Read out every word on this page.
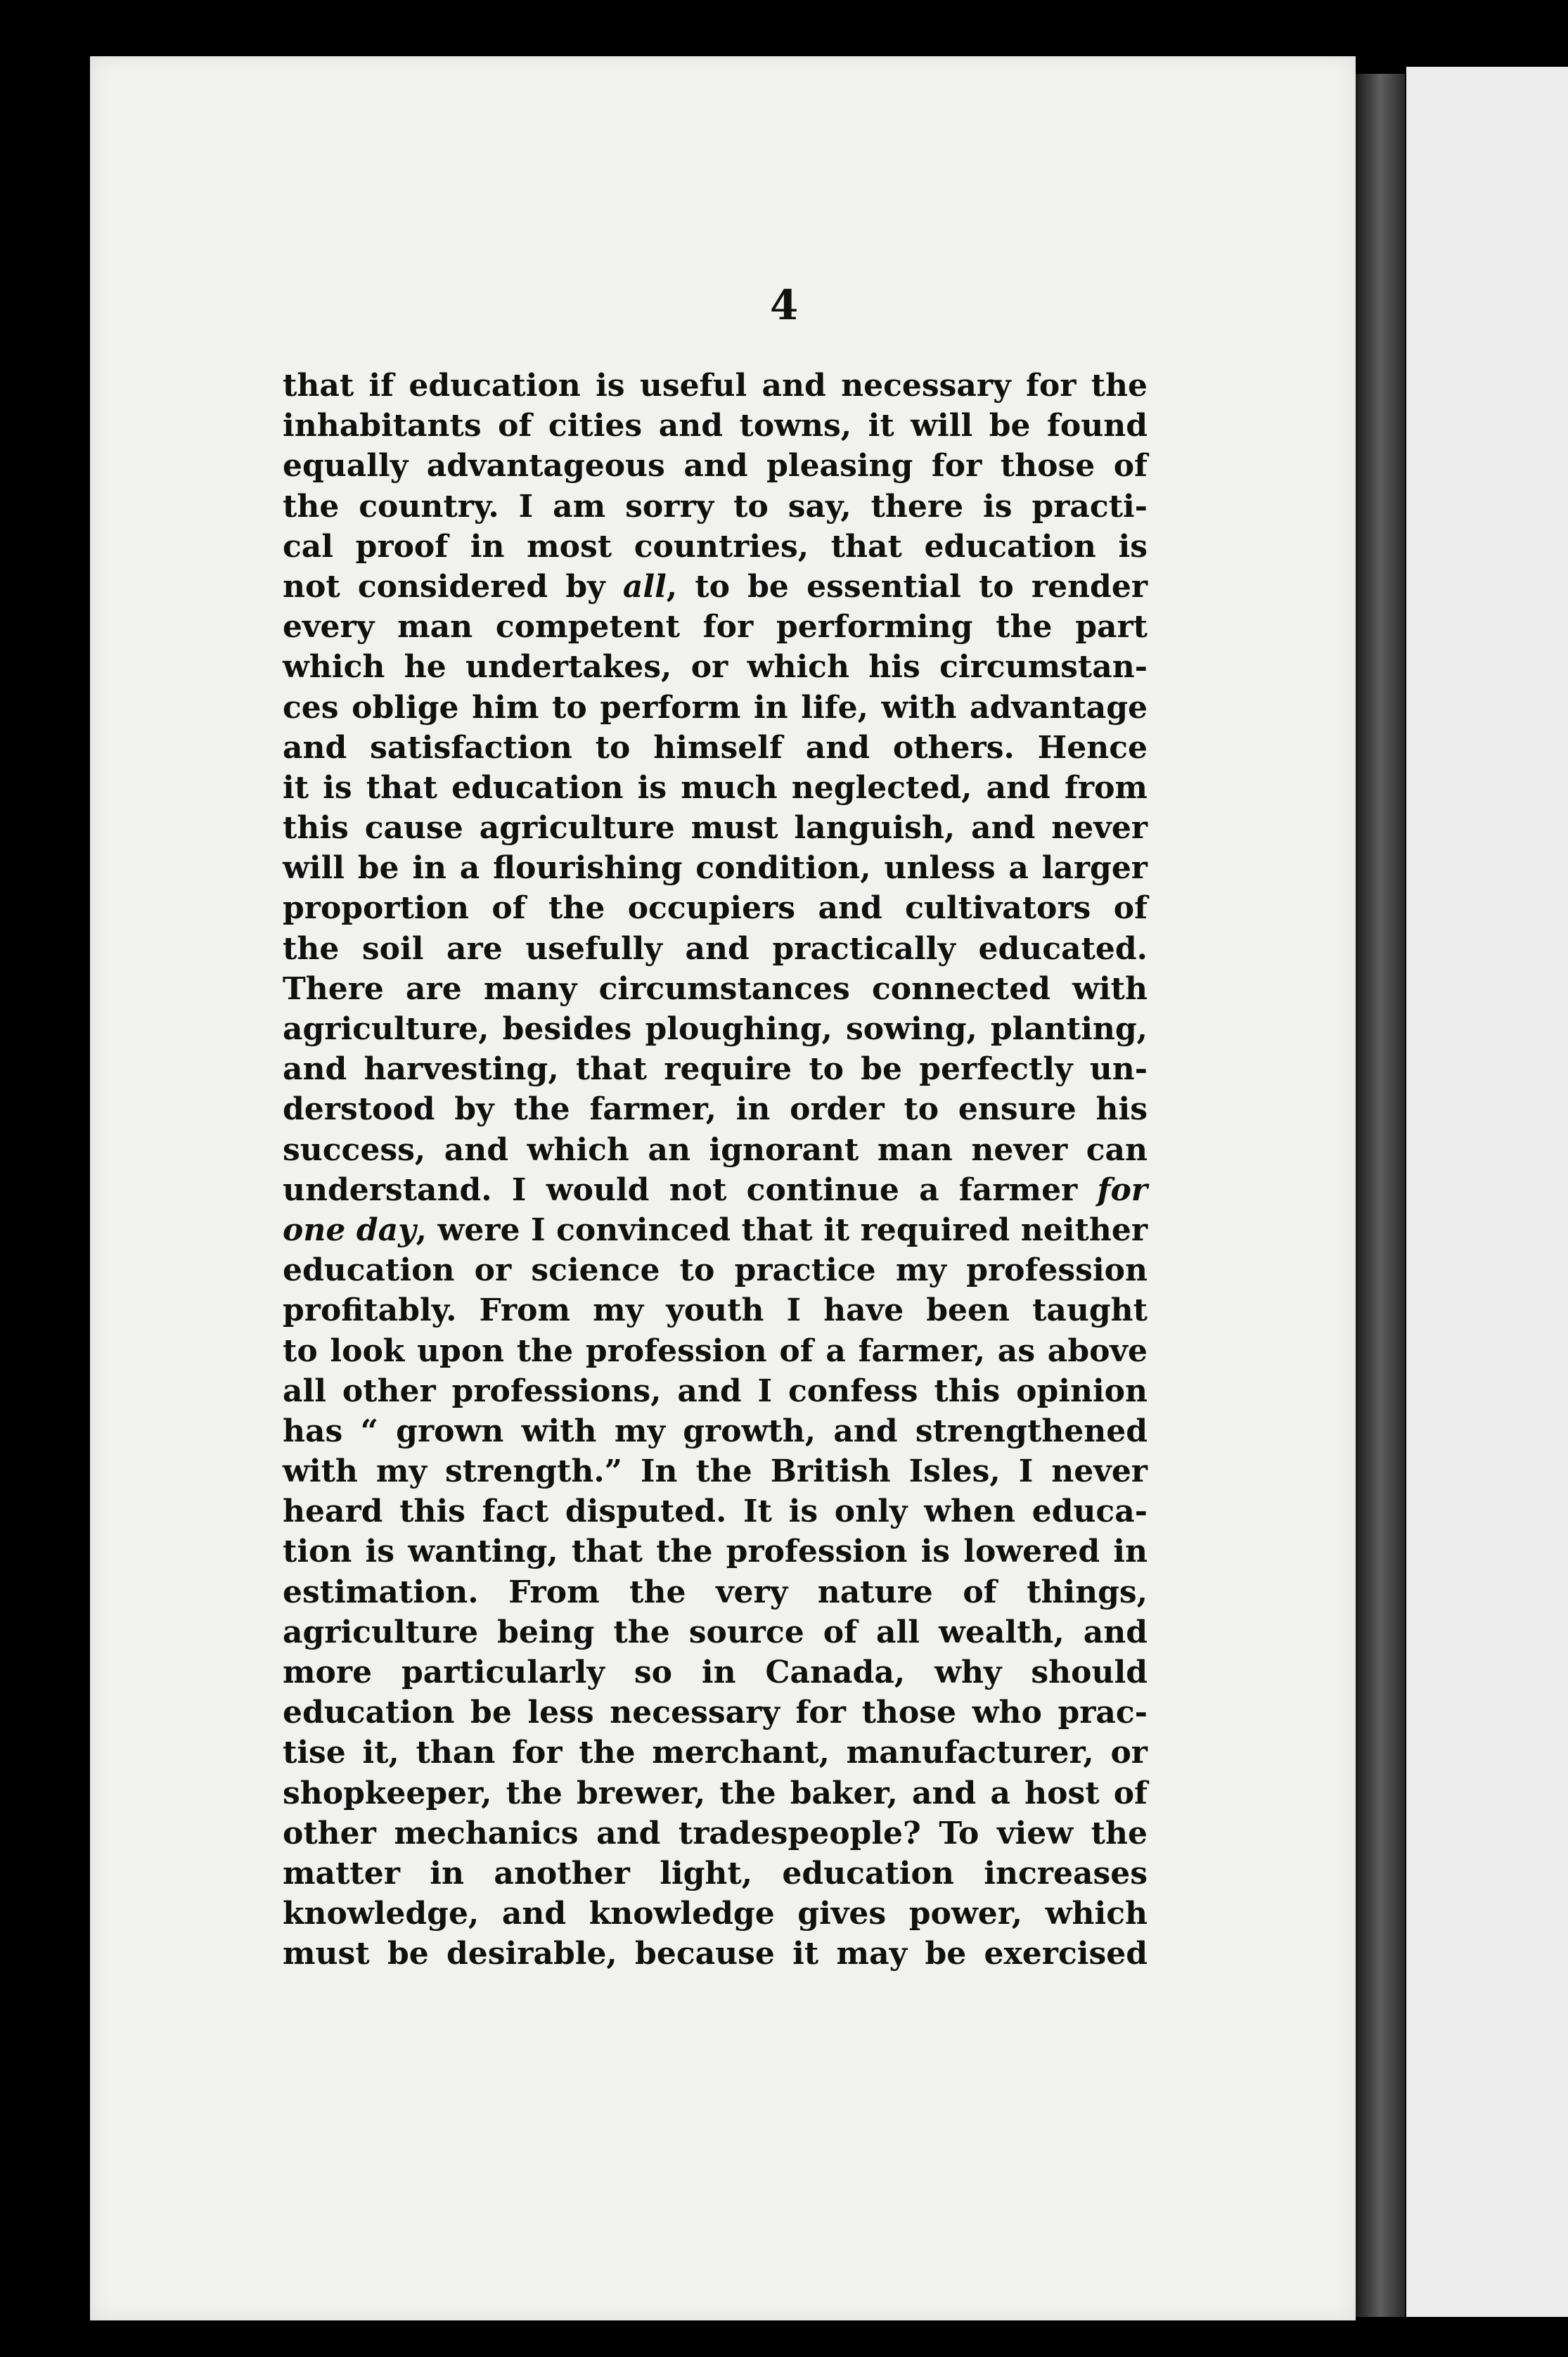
4
that if education is useful and necessary for the
inhabitants of cities and towns, it will be found
equally advantageous and pleasing for those of
the country. I am sorry to say, there is practi-
cal proof in most countries, that education is
not considered by all, to be essential to render
every man competent for performing the part
which he undertakes, or which his circumstan-
ces oblige him to perform in life, with advantage
and satisfaction to himself and others. Hence
it is that education is much neglected, and from
this cause agriculture must languish, and never
will be in a flourishing condition, unless a larger
proportion of the occupiers and cultivators of
the soil are usefully and practically educated.
There are many circumstances connected with
agriculture, besides ploughing, sowing, planting,
and harvesting, that require to be perfectly un-
derstood by the farmer, in order to ensure his
success, and which an ignorant man never can
understand. I would not continue a farmer for
one day, were I convinced that it required neither
education or science to practice my profession
profitably. From my youth I have been taught
to look upon the profession of a farmer, as above
all other professions, and I confess this opinion
has “ grown with my growth, and strengthened
with my strength.” In the British Isles, I never
heard this fact disputed. It is only when educa-
tion is wanting, that the profession is lowered in
estimation. From the very nature of things,
agriculture being the source of all wealth, and
more particularly so in Canada, why should
education be less necessary for those who prac-
tise it, than for the merchant, manufacturer, or
shopkeeper, the brewer, the baker, and a host of
other mechanics and tradespeople? To view the
matter in another light, education increases
knowledge, and knowledge gives power, which
must be desirable, because it may be exercised
